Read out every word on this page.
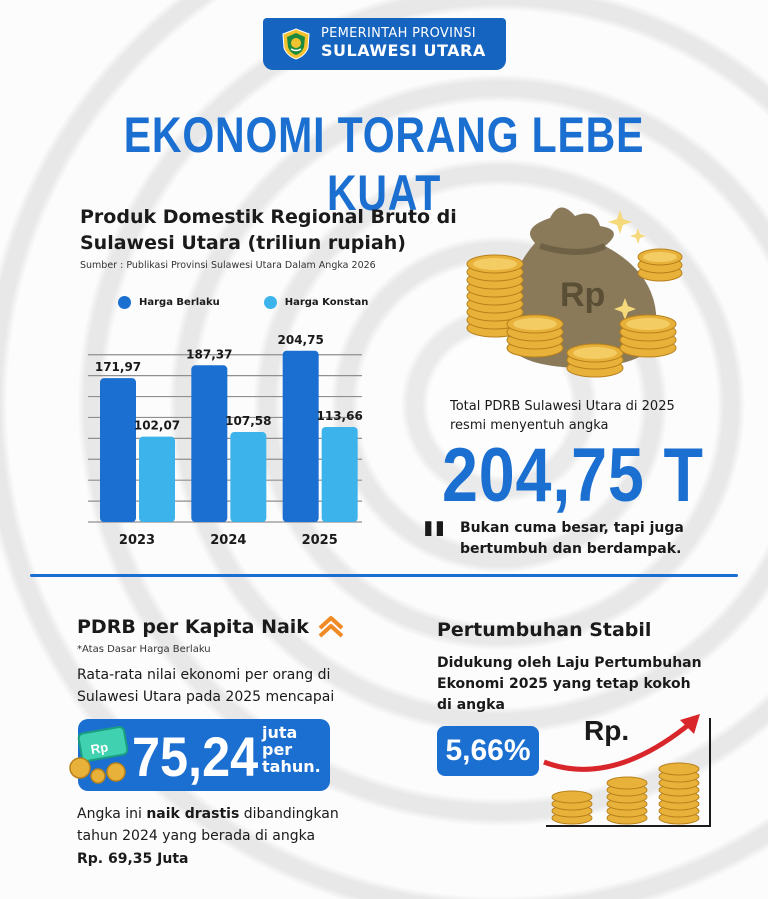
PEMERINTAH PROVINSI
SULAWESI UTARA
EKONOMI TORANG LEBE KUAT
Produk Domestik Regional Bruto di Sulawesi Utara (triliun rupiah)
Sumber : Publikasi Provinsi Sulawesi Utara Dalam Angka 2026
Harga Berlaku	Harga Konstan
171,97
102,07
2023
187,37
107,58
2024
204,75
113,66
2025
Rp
Total PDRB Sulawesi Utara di 2025
resmi menyentuh angka
204,75 T
" Bukan cuma besar, tapi juga
bertumbuh dan berdampak.
PDRB per Kapita Naik
*Atas Dasar Harga Berlaku
Rata-rata nilai ekonomi per orang di
Sulawesi Utara pada 2025 mencapai
Rp 75,24 juta
per
tahun.
Angka ini naik drastis dibandingkan
tahun 2024 yang berada di angka
Rp. 69,35 Juta
Pertumbuhan Stabil
Didukung oleh Laju Pertumbuhan
Ekonomi 2025 yang tetap kokoh
di angka
5,66%
Rp.
